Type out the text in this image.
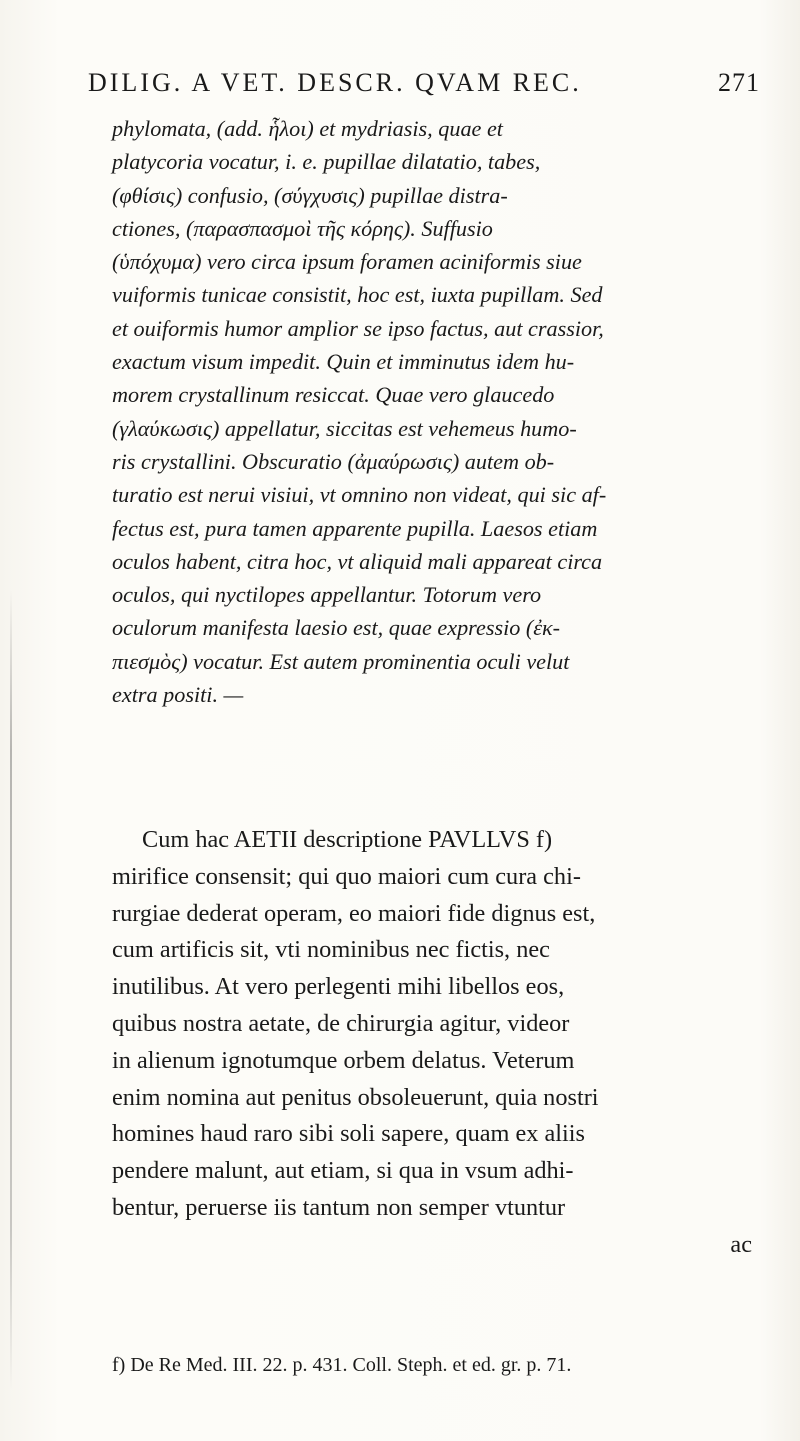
DILIG. A VET. DESCR. QVAM REC.	271
phylomata, (add. ἧλοι) et mydriasis, quae et
platycoria vocatur, i. e. pupillae dilatatio, tabes,
(φθίσις) confusio, (σύγχυσις) pupillae distra-
ctiones, (παρασπασμοὶ τῆς κόρης). Suffusio
(ὑπόχυμα) vero circa ipsum foramen aciniformis siue
vuiformis tunicae consistit, hoc est, iuxta pupillam. Sed
et ouiformis humor amplior se ipso factus, aut crassior,
exactum visum impedit. Quin et imminutus idem hu-
morem crystallinum resiccat. Quae vero glaucedo
(γλαύκωσις) appellatur, siccitas est vehemeus humo-
ris crystallini. Obscuratio (ἀμαύρωσις) autem ob-
turatio est nerui visiui, vt omnino non videat, qui sic af-
fectus est, pura tamen apparente pupilla. Laesos etiam
oculos habent, citra hoc, vt aliquid mali appareat circa
oculos, qui nyctilopes appellantur. Totorum vero
oculorum manifesta laesio est, quae expressio (ἐκ-
πιεσμὸς) vocatur. Est autem prominentia oculi velut
extra positi. —
Cum hac AETII descriptione PAVLLVS f)
mirifice consensit; qui quo maiori cum cura chi-
rurgiae dederat operam, eo maiori fide dignus est,
cum artificis sit, vti nominibus nec fictis, nec
inutilibus. At vero perlegenti mihi libellos eos,
quibus nostra aetate, de chirurgia agitur, videor
in alienum ignotumque orbem delatus. Veterum
enim nomina aut penitus obsoleuerunt, quia nostri
homines haud raro sibi soli sapere, quam ex aliis
pendere malunt, aut etiam, si qua in vsum adhi-
bentur, peruerse iis tantum non semper vtuntur
ac
f) De Re Med. III. 22. p. 431. Coll. Steph. et ed. gr. p. 71.
